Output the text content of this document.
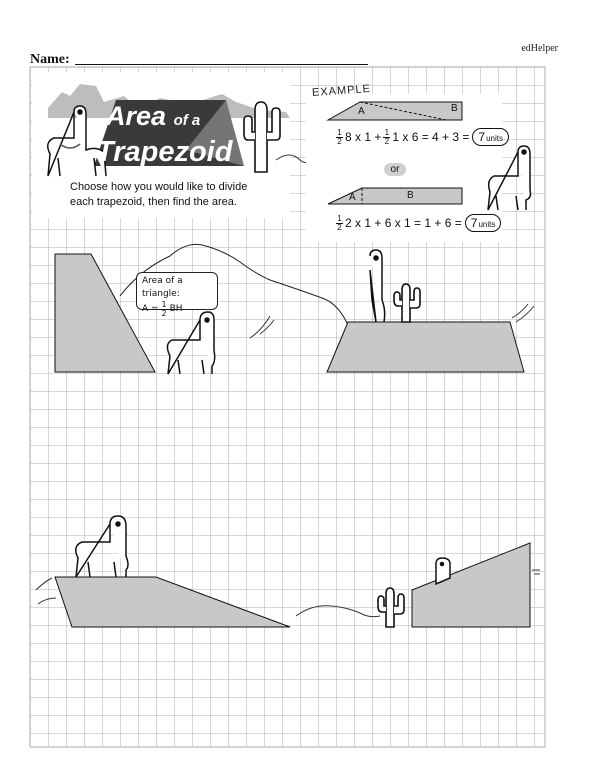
edHelper
Name:
Area of a
Trapezoid
Choose how you would like to divide each trapezoid, then find the area.
EXAMPLE
A	B
$\frac{1}{2} 8$ x $1 + \frac{1}{2} 1$ x 6 = 4 + 3 = 7units
or
A	B
$\frac{1}{2} 2$ x 1 + 6 x 1 = 1 + 6 = 7units
Area of a triangle:
$A = \frac{1}{2}$ BH
